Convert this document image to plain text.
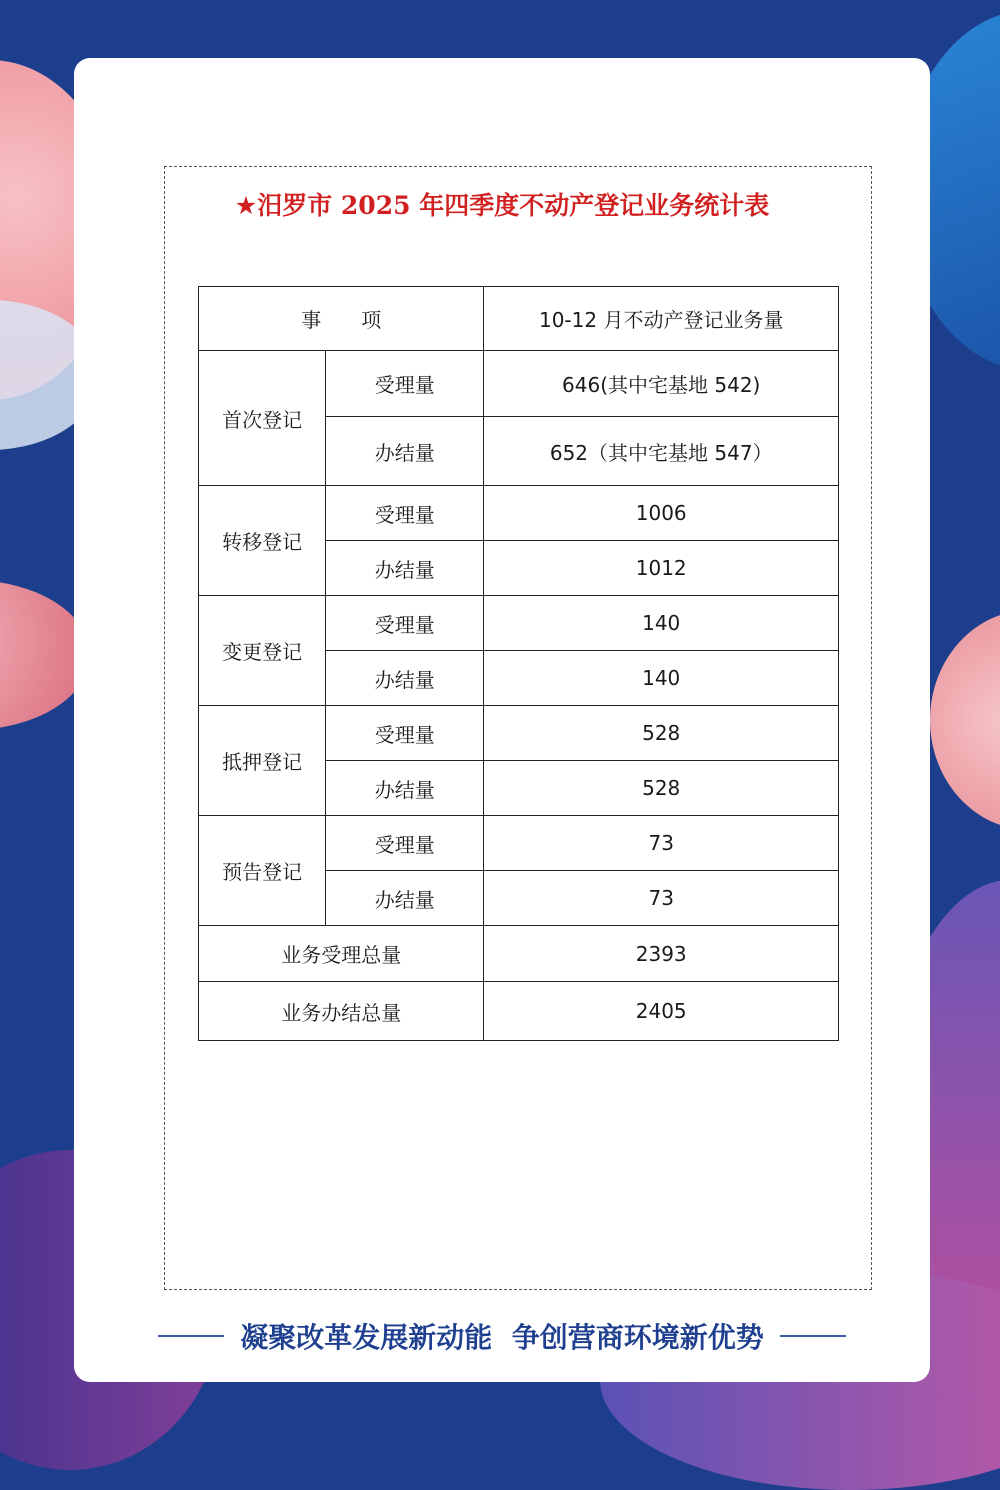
★汨罗市 2025 年四季度不动产登记业务统计表
事　　项		10-12 月不动产登记业务量
首次登记	受理量	646(其中宅基地 542)
	办结量	652（其中宅基地 547）
转移登记	受理量	1006
	办结量	1012
变更登记	受理量	140
	办结量	140
抵押登记	受理量	528
	办结量	528
预告登记	受理量	73
	办结量	73
业务受理总量		2393
业务办结总量		2405
凝聚改革发展新动能  争创营商环境新优势
